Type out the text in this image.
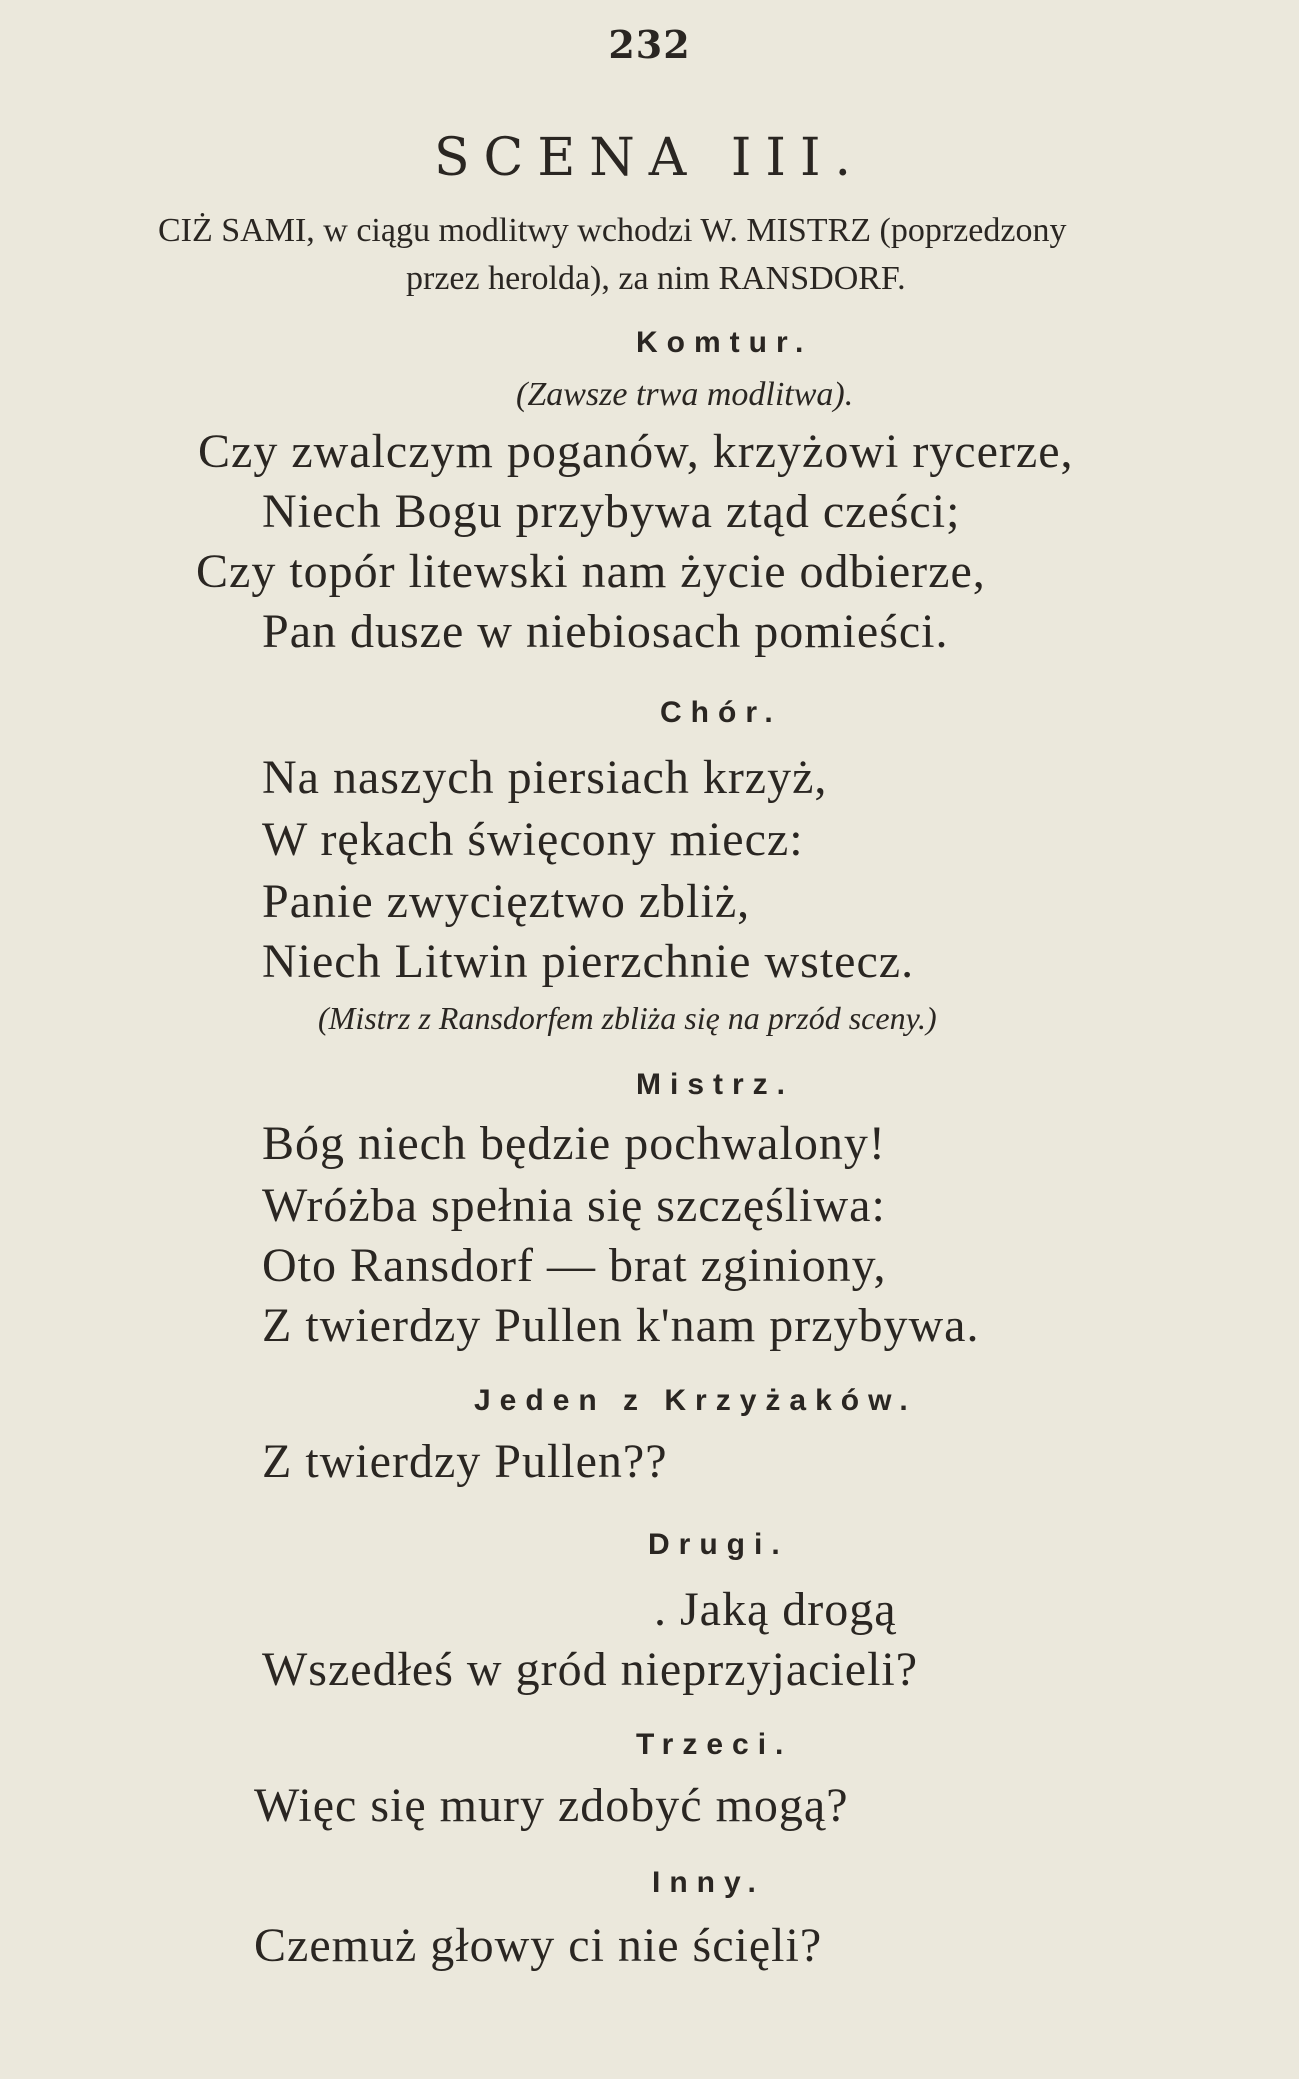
232
SCENA III.
CIŻ SAMI, w ciągu modlitwy wchodzi W. MISTRZ (poprzedzony
przez herolda), za nim RANSDORF.
Komtur.
(Zawsze trwa modlitwa).
Czy zwalczym poganów, krzyżowi rycerze,
Niech Bogu przybywa ztąd cześci;
Czy topór litewski nam życie odbierze,
Pan dusze w niebiosach pomieści.
Chór.
Na naszych piersiach krzyż,
W rękach święcony miecz:
Panie zwycięztwo zbliż,
Niech Litwin pierzchnie wstecz.
(Mistrz z Ransdorfem zbliża się na przód sceny.)
Mistrz.
Bóg niech będzie pochwalony!
Wróżba spełnia się szczęśliwa:
Oto Ransdorf — brat zginiony,
Z twierdzy Pullen k'nam przybywa.
Jeden z Krzyżaków.
Z twierdzy Pullen??
Drugi.
. Jaką drogą
Wszedłeś w gród nieprzyjacieli?
Trzeci.
Więc się mury zdobyć mogą?
Inny.
Czemuż głowy ci nie ścięli?
